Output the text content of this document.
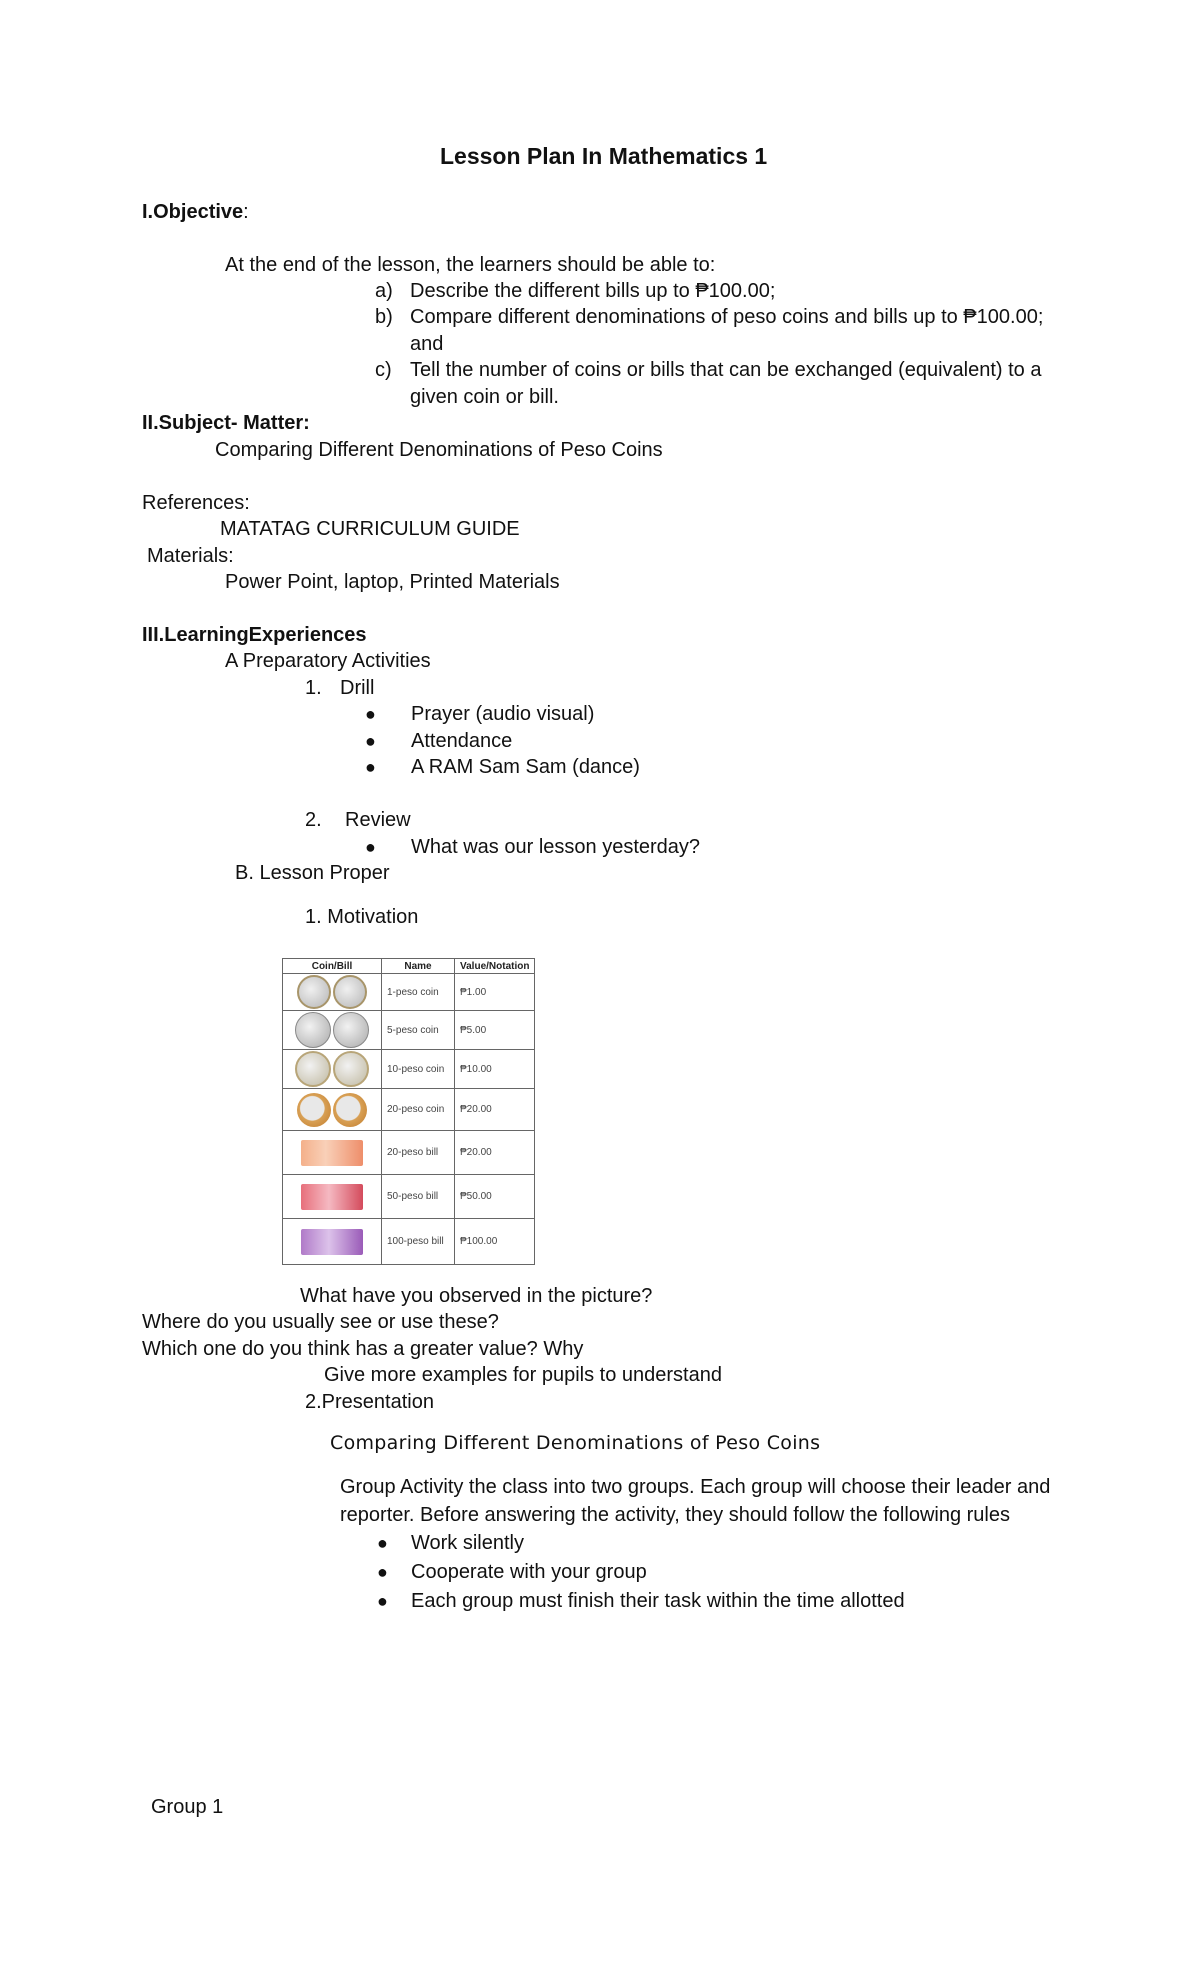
Lesson Plan In Mathematics 1
I.Objective:
At the end of the lesson, the learners should be able to:
a) Describe the different bills up to ₱100.00;
b) Compare different denominations of peso coins and bills up to ₱100.00;
and
c) Tell the number of coins or bills that can be exchanged (equivalent) to a
given coin or bill.
II.Subject- Matter:
Comparing Different Denominations of Peso Coins
References:
MATATAG CURRICULUM GUIDE
Materials:
Power Point, laptop, Printed Materials
III.LearningExperiences
A Preparatory Activities
1. Drill
● Prayer (audio visual)
● Attendance
● A RAM Sam Sam (dance)
2. Review
● What was our lesson yesterday?
B. Lesson Proper
1. Motivation
Coin/Bill	Name	Value/Notation
	1-peso coin	₱1.00
	5-peso coin	₱5.00
	10-peso coin	₱10.00
	20-peso coin	₱20.00
	20-peso bill	₱20.00
	50-peso bill	₱50.00
	100-peso bill	₱100.00
What have you observed in the picture?
Where do you usually see or use these?
Which one do you think has a greater value? Why
Give more examples for pupils to understand
2.Presentation
Comparing Different Denominations of Peso Coins
Group Activity the class into two groups. Each group will choose their leader and
reporter. Before answering the activity, they should follow the following rules
● Work silently
● Cooperate with your group
● Each group must finish their task within the time allotted
Group 1
